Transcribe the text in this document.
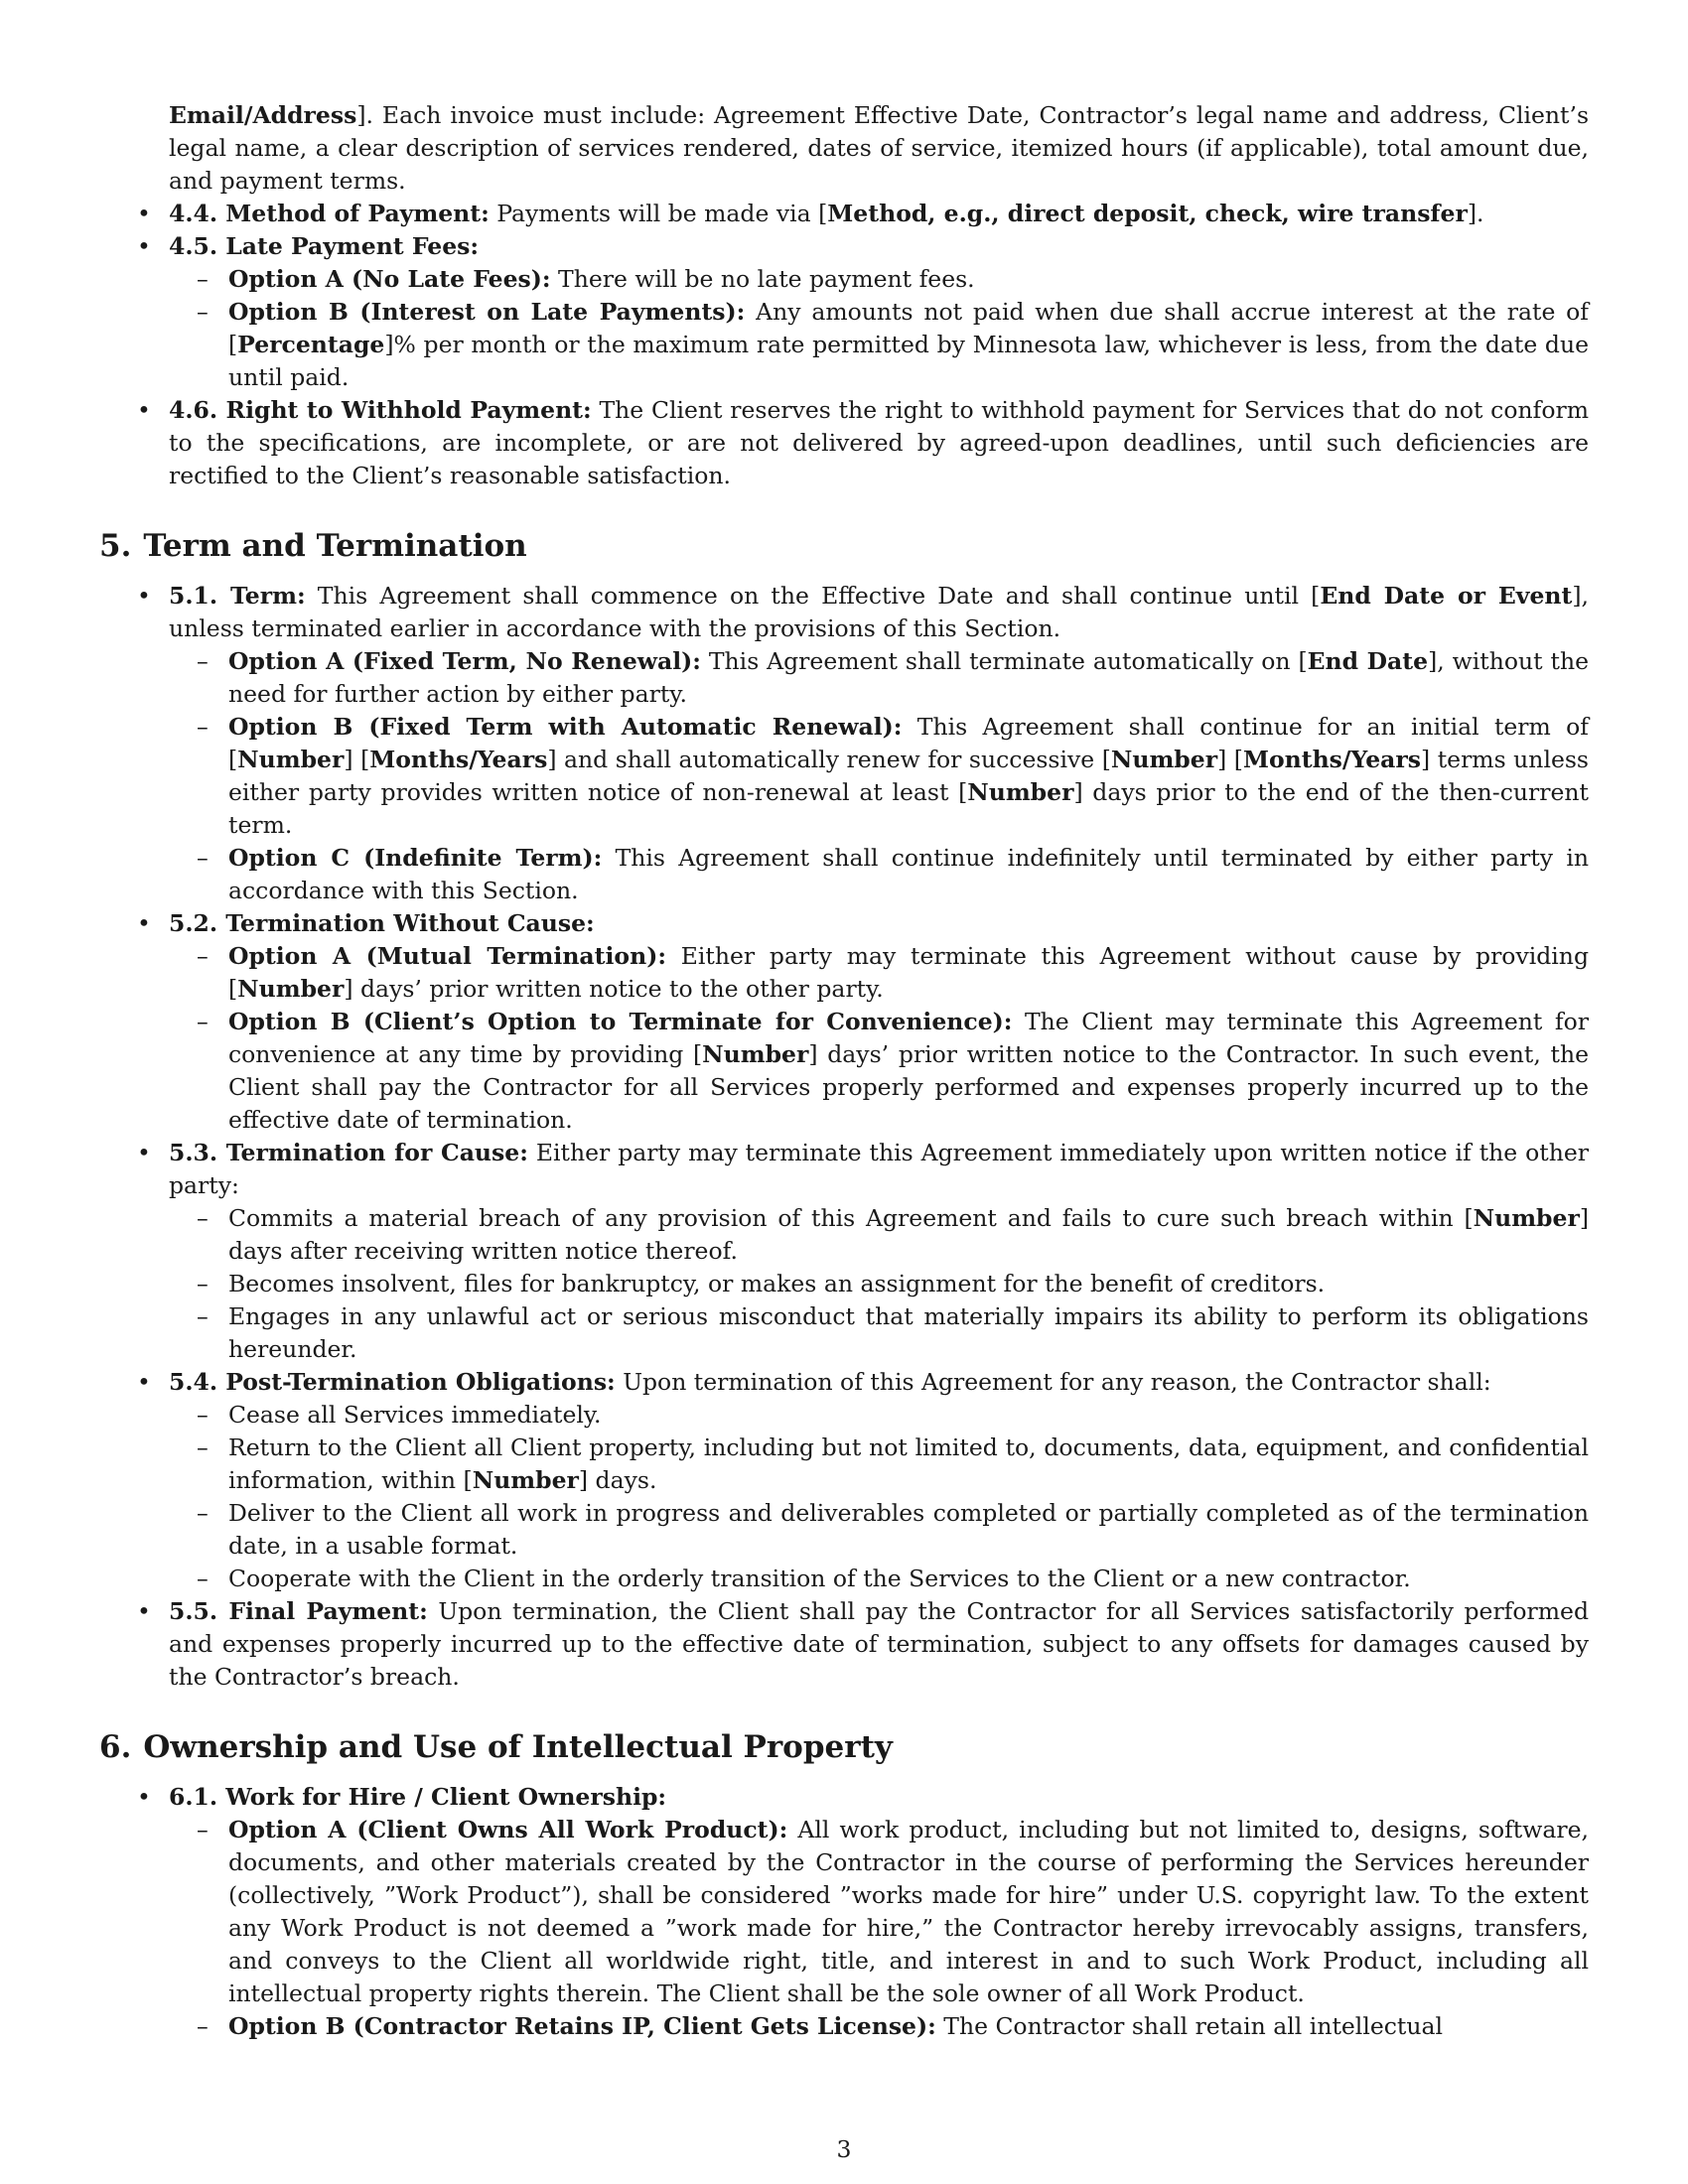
Email/Address]. Each invoice must include: Agreement Effective Date, Contractor’s legal name and address, Client’s legal name, a clear description of services rendered, dates of service, itemized hours (if applicable), total amount due, and payment terms.
• 4.4. Method of Payment: Payments will be made via [Method, e.g., direct deposit, check, wire transfer].
• 4.5. Late Payment Fees:
– Option A (No Late Fees): There will be no late payment fees.
– Option B (Interest on Late Payments): Any amounts not paid when due shall accrue interest at the rate of [Percentage]% per month or the maximum rate permitted by Minnesota law, whichever is less, from the date due until paid.
• 4.6. Right to Withhold Payment: The Client reserves the right to withhold payment for Services that do not conform to the specifications, are incomplete, or are not delivered by agreed-upon deadlines, until such deficiencies are rectified to the Client’s reasonable satisfaction.
5. Term and Termination
• 5.1. Term: This Agreement shall commence on the Effective Date and shall continue until [End Date or Event], unless terminated earlier in accordance with the provisions of this Section.
– Option A (Fixed Term, No Renewal): This Agreement shall terminate automatically on [End Date], without the need for further action by either party.
– Option B (Fixed Term with Automatic Renewal): This Agreement shall continue for an initial term of [Number] [Months/Years] and shall automatically renew for successive [Number] [Months/Years] terms unless either party provides written notice of non-renewal at least [Number] days prior to the end of the then-current term.
– Option C (Indefinite Term): This Agreement shall continue indefinitely until terminated by either party in accordance with this Section.
• 5.2. Termination Without Cause:
– Option A (Mutual Termination): Either party may terminate this Agreement without cause by providing [Number] days’ prior written notice to the other party.
– Option B (Client’s Option to Terminate for Convenience): The Client may terminate this Agreement for convenience at any time by providing [Number] days’ prior written notice to the Contractor. In such event, the Client shall pay the Contractor for all Services properly performed and expenses properly incurred up to the effective date of termination.
• 5.3. Termination for Cause: Either party may terminate this Agreement immediately upon written notice if the other party:
– Commits a material breach of any provision of this Agreement and fails to cure such breach within [Number] days after receiving written notice thereof.
– Becomes insolvent, files for bankruptcy, or makes an assignment for the benefit of creditors.
– Engages in any unlawful act or serious misconduct that materially impairs its ability to perform its obligations hereunder.
• 5.4. Post-Termination Obligations: Upon termination of this Agreement for any reason, the Contractor shall:
– Cease all Services immediately.
– Return to the Client all Client property, including but not limited to, documents, data, equipment, and confidential information, within [Number] days.
– Deliver to the Client all work in progress and deliverables completed or partially completed as of the termination date, in a usable format.
– Cooperate with the Client in the orderly transition of the Services to the Client or a new contractor.
• 5.5. Final Payment: Upon termination, the Client shall pay the Contractor for all Services satisfactorily performed and expenses properly incurred up to the effective date of termination, subject to any offsets for damages caused by the Contractor’s breach.
6. Ownership and Use of Intellectual Property
• 6.1. Work for Hire / Client Ownership:
– Option A (Client Owns All Work Product): All work product, including but not limited to, designs, software, documents, and other materials created by the Contractor in the course of performing the Services hereunder (collectively, ”Work Product”), shall be considered ”works made for hire” under U.S. copyright law. To the extent any Work Product is not deemed a ”work made for hire,” the Contractor hereby irrevocably assigns, transfers, and conveys to the Client all worldwide right, title, and interest in and to such Work Product, including all intellectual property rights therein. The Client shall be the sole owner of all Work Product.
– Option B (Contractor Retains IP, Client Gets License): The Contractor shall retain all intellectual
3
